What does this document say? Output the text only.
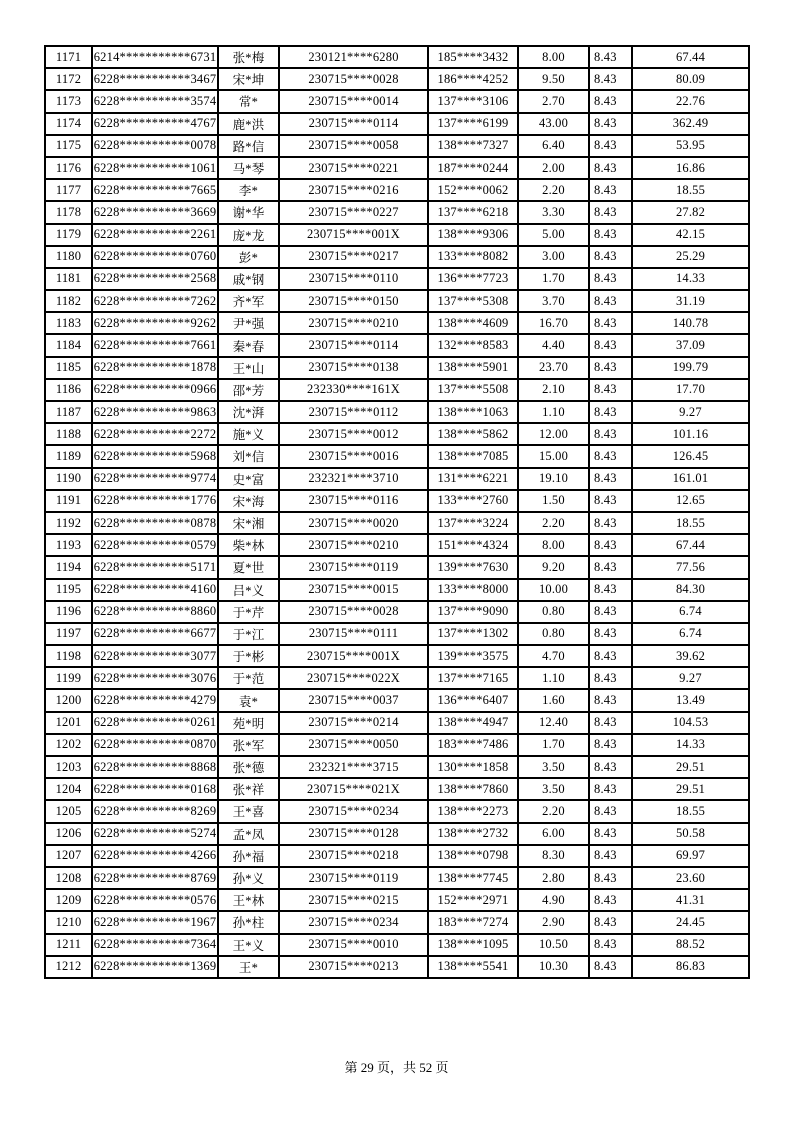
1171	6214***********6731	张*梅	230121****6280	185****3432	8.00	8.43	67.44
1172	6228***********3467	宋*坤	230715****0028	186****4252	9.50	8.43	80.09
1173	6228***********3574	常*	230715****0014	137****3106	2.70	8.43	22.76
1174	6228***********4767	鹿*洪	230715****0114	137****6199	43.00	8.43	362.49
1175	6228***********0078	路*信	230715****0058	138****7327	6.40	8.43	53.95
1176	6228***********1061	马*琴	230715****0221	187****0244	2.00	8.43	16.86
1177	6228***********7665	李*	230715****0216	152****0062	2.20	8.43	18.55
1178	6228***********3669	谢*华	230715****0227	137****6218	3.30	8.43	27.82
1179	6228***********2261	庞*龙	230715****001X	138****9306	5.00	8.43	42.15
1180	6228***********0760	彭*	230715****0217	133****8082	3.00	8.43	25.29
1181	6228***********2568	戚*钢	230715****0110	136****7723	1.70	8.43	14.33
1182	6228***********7262	齐*军	230715****0150	137****5308	3.70	8.43	31.19
1183	6228***********9262	尹*强	230715****0210	138****4609	16.70	8.43	140.78
1184	6228***********7661	秦*春	230715****0114	132****8583	4.40	8.43	37.09
1185	6228***********1878	王*山	230715****0138	138****5901	23.70	8.43	199.79
1186	6228***********0966	邵*芳	232330****161X	137****5508	2.10	8.43	17.70
1187	6228***********9863	沈*湃	230715****0112	138****1063	1.10	8.43	9.27
1188	6228***********2272	施*义	230715****0012	138****5862	12.00	8.43	101.16
1189	6228***********5968	刘*信	230715****0016	138****7085	15.00	8.43	126.45
1190	6228***********9774	史*富	232321****3710	131****6221	19.10	8.43	161.01
1191	6228***********1776	宋*海	230715****0116	133****2760	1.50	8.43	12.65
1192	6228***********0878	宋*湘	230715****0020	137****3224	2.20	8.43	18.55
1193	6228***********0579	柴*林	230715****0210	151****4324	8.00	8.43	67.44
1194	6228***********5171	夏*世	230715****0119	139****7630	9.20	8.43	77.56
1195	6228***********4160	吕*义	230715****0015	133****8000	10.00	8.43	84.30
1196	6228***********8860	于*芹	230715****0028	137****9090	0.80	8.43	6.74
1197	6228***********6677	于*江	230715****0111	137****1302	0.80	8.43	6.74
1198	6228***********3077	于*彬	230715****001X	139****3575	4.70	8.43	39.62
1199	6228***********3076	于*范	230715****022X	137****7165	1.10	8.43	9.27
1200	6228***********4279	袁*	230715****0037	136****6407	1.60	8.43	13.49
1201	6228***********0261	苑*明	230715****0214	138****4947	12.40	8.43	104.53
1202	6228***********0870	张*军	230715****0050	183****7486	1.70	8.43	14.33
1203	6228***********8868	张*德	232321****3715	130****1858	3.50	8.43	29.51
1204	6228***********0168	张*祥	230715****021X	138****7860	3.50	8.43	29.51
1205	6228***********8269	王*喜	230715****0234	138****2273	2.20	8.43	18.55
1206	6228***********5274	孟*凤	230715****0128	138****2732	6.00	8.43	50.58
1207	6228***********4266	孙*福	230715****0218	138****0798	8.30	8.43	69.97
1208	6228***********8769	孙*义	230715****0119	138****7745	2.80	8.43	23.60
1209	6228***********0576	王*林	230715****0215	152****2971	4.90	8.43	41.31
1210	6228***********1967	孙*柱	230715****0234	183****7274	2.90	8.43	24.45
1211	6228***********7364	王*义	230715****0010	138****1095	10.50	8.43	88.52
1212	6228***********1369	王*	230715****0213	138****5541	10.30	8.43	86.83
第 29 页，共 52 页
